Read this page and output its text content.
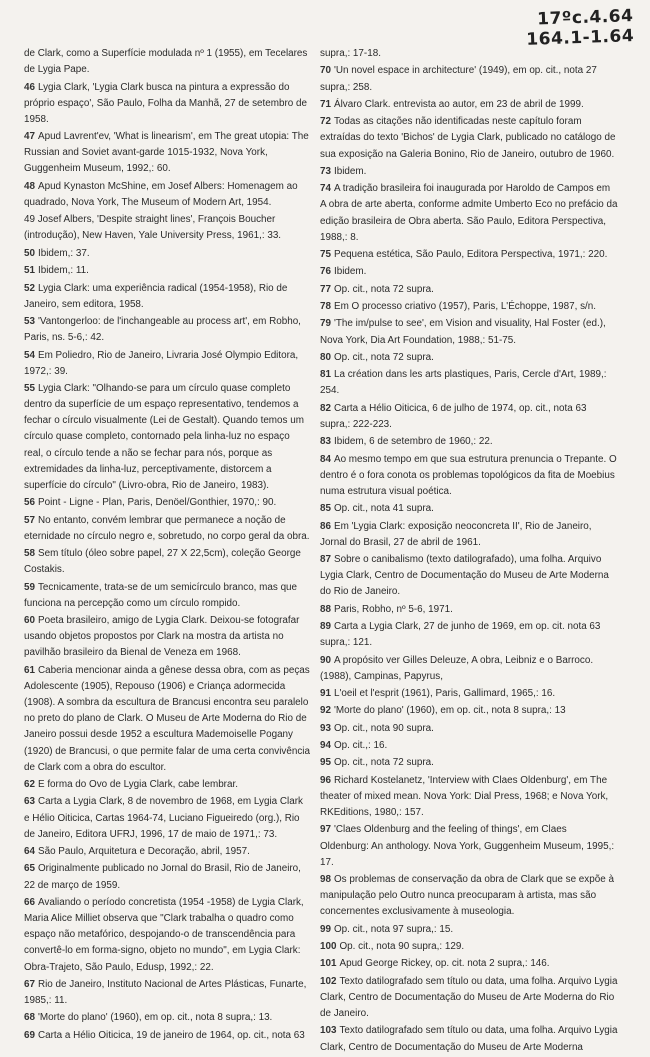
17ºc.4.64
164.1-1.64
de Clark, como a Superfície modulada nº 1 (1955), em Tecelares de Lygia Pape.
46 Lygia Clark, 'Lygia Clark busca na pintura a expressão do próprio espaço', São Paulo, Folha da Manhã, 27 de setembro de 1958.
47 Apud Lavrent'ev, 'What is linearism', em The great utopia: The Russian and Soviet avant-garde 1015-1932, Nova York, Guggenheim Museum, 1992,: 60.
48 Apud Kynaston McShine, em Josef Albers: Homenagem ao quadrado, Nova York, The Museum of Modern Art, 1954.
49 Josef Albers, 'Despite straight lines', François Boucher (introdução), New Haven, Yale University Press, 1961,: 33.
50 Ibidem,: 37.
51 Ibidem,: 11.
52 Lygia Clark: uma experiência radical (1954-1958), Rio de Janeiro, sem editora, 1958.
53 'Vantongerloo: de l'inchangeable au process art', em Robho, Paris, ns. 5-6,: 42.
54 Em Poliedro, Rio de Janeiro, Livraria José Olympio Editora, 1972,: 39.
55 Lygia Clark: "Olhando-se para um círculo quase completo dentro da superfície de um espaço representativo, tendemos a fechar o círculo visualmente (Lei de Gestalt). Quando temos um círculo quase completo, contornado pela linha-luz no espaço real, o círculo tende a não se fechar para nós, porque as extremidades da linha-luz, perceptivamente, distorcem a superfície do círculo" (Livro-obra, Rio de Janeiro, 1983).
56 Point - Ligne - Plan, Paris, Denöel/Gonthier, 1970,: 90.
57 No entanto, convém lembrar que permanece a noção de eternidade no círculo negro e, sobretudo, no corpo geral da obra.
58 Sem título (óleo sobre papel, 27 X 22,5cm), coleção George Costakis.
59 Tecnicamente, trata-se de um semicírculo branco, mas que funciona na percepção como um círculo rompido.
60 Poeta brasileiro, amigo de Lygia Clark. Deixou-se fotografar usando objetos propostos por Clark na mostra da artista no pavilhão brasileiro da Bienal de Veneza em 1968.
61 Caberia mencionar ainda a gênese dessa obra, com as peças Adolescente (1905), Repouso (1906) e Criança adormecida (1908). A sombra da escultura de Brancusi encontra seu paralelo no preto do plano de Clark. O Museu de Arte Moderna do Rio de Janeiro possui desde 1952 a escultura Mademoiselle Pogany (1920) de Brancusi, o que permite falar de uma certa convivência de Clark com a obra do escultor.
62 E forma do Ovo de Lygia Clark, cabe lembrar.
63 Carta a Lygia Clark, 8 de novembro de 1968, em Lygia Clark e Hélio Oiticica, Cartas 1964-74, Luciano Figueiredo (org.), Rio de Janeiro, Editora UFRJ, 1996, 17 de maio de 1971,: 73.
64 São Paulo, Arquitetura e Decoração, abril, 1957.
65 Originalmente publicado no Jornal do Brasil, Rio de Janeiro, 22 de março de 1959.
66 Avaliando o período concretista (1954 -1958) de Lygia Clark, Maria Alice Milliet observa que "Clark trabalha o quadro como espaço não metafórico, despojando-o de transcendência para convertê-lo em forma-signo, objeto no mundo", em Lygia Clark: Obra-Trajeto, São Paulo, Edusp, 1992,: 22.
67 Rio de Janeiro, Instituto Nacional de Artes Plásticas, Funarte, 1985,: 11.
68 'Morte do plano' (1960), em op. cit., nota 8 supra,: 13.
69 Carta a Hélio Oiticica, 19 de janeiro de 1964, op. cit., nota 63
supra,: 17-18.
70 'Un novel espace in architecture' (1949), em op. cit., nota 27 supra,: 258.
71 Álvaro Clark. entrevista ao autor, em 23 de abril de 1999.
72 Todas as citações não identificadas neste capítulo foram extraídas do texto 'Bichos' de Lygia Clark, publicado no catálogo de sua exposição na Galeria Bonino, Rio de Janeiro, outubro de 1960.
73 Ibidem.
74 A tradição brasileira foi inaugurada por Haroldo de Campos em A obra de arte aberta, conforme admite Umberto Eco no prefácio da edição brasileira de Obra aberta. São Paulo, Editora Perspectiva, 1988,: 8.
75 Pequena estética, São Paulo, Editora Perspectiva, 1971,: 220.
76 Ibidem.
77 Op. cit., nota 72 supra.
78 Em O processo criativo (1957), Paris, L'Échoppe, 1987, s/n.
79 'The im/pulse to see', em Vision and visuality, Hal Foster (ed.), Nova York, Dia Art Foundation, 1988,: 51-75.
80 Op. cit., nota 72 supra.
81 La création dans les arts plastiques, Paris, Cercle d'Art, 1989,: 254.
82 Carta a Hélio Oiticica, 6 de julho de 1974, op. cit., nota 63 supra,: 222-223.
83 Ibidem, 6 de setembro de 1960,: 22.
84 Ao mesmo tempo em que sua estrutura prenuncia o Trepante. O dentro é o fora conota os problemas topológicos da fita de Moebius numa estrutura visual poética.
85 Op. cit., nota 41 supra.
86 Em 'Lygia Clark: exposição neoconcreta II', Rio de Janeiro, Jornal do Brasil, 27 de abril de 1961.
87 Sobre o canibalismo (texto datilografado), uma folha. Arquivo Lygia Clark, Centro de Documentação do Museu de Arte Moderna do Rio de Janeiro.
88 Paris, Robho, nº 5-6, 1971.
89 Carta a Lygia Clark, 27 de junho de 1969, em op. cit. nota 63 supra,: 121.
90 A propósito ver Gilles Deleuze, A obra, Leibniz e o Barroco. (1988), Campinas, Papyrus,
91 L'oeil et l'esprit (1961), Paris, Gallimard, 1965,: 16.
92 'Morte do plano' (1960), em op. cit., nota 8 supra,: 13
93 Op. cit., nota 90 supra.
94 Op. cit.,: 16.
95 Op. cit., nota 72 supra.
96 Richard Kostelanetz, 'Interview with Claes Oldenburg', em The theater of mixed mean. Nova York: Dial Press, 1968; e Nova York, RKEditions, 1980,: 157.
97 'Claes Oldenburg and the feeling of things', em Claes Oldenburg: An anthology. Nova York, Guggenheim Museum, 1995,: 17.
98 Os problemas de conservação da obra de Clark que se expõe à manipulação pelo Outro nunca preocuparam à artista, mas são concernentes exclusivamente à museologia.
99 Op. cit., nota 97 supra,: 15.
100 Op. cit., nota 90 supra,: 129.
101 Apud George Rickey, op. cit. nota 2 supra,: 146.
102 Texto datilografado sem título ou data, uma folha. Arquivo Lygia Clark, Centro de Documentação do Museu de Arte Moderna do Rio de Janeiro.
103 Texto datilografado sem título ou data, uma folha. Arquivo Lygia Clark, Centro de Documentação do Museu de Arte Moderna
